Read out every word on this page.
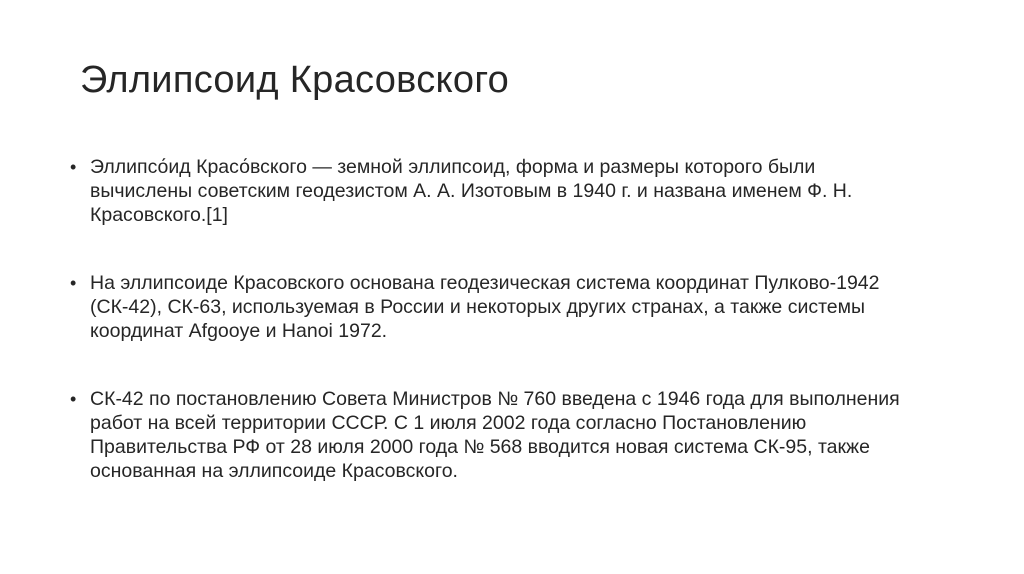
Эллипсоид Красовского
• Эллипсо́ид Красо́вского — земной эллипсоид, форма и размеры которого были вычислены советским геодезистом А. А. Изотовым в 1940 г. и названа именем Ф. Н. Красовского.[1]

• На эллипсоиде Красовского основана геодезическая система координат Пулково-1942 (СК-42), СК-63, используемая в России и некоторых других странах, а также системы координат Afgooye и Hanoi 1972.

• СК-42 по постановлению Совета Министров № 760 введена с 1946 года для выполнения работ на всей территории СССР. С 1 июля 2002 года согласно Постановлению Правительства РФ от 28 июля 2000 года № 568 вводится новая система СК-95, также основанная на эллипсоиде Красовского.
